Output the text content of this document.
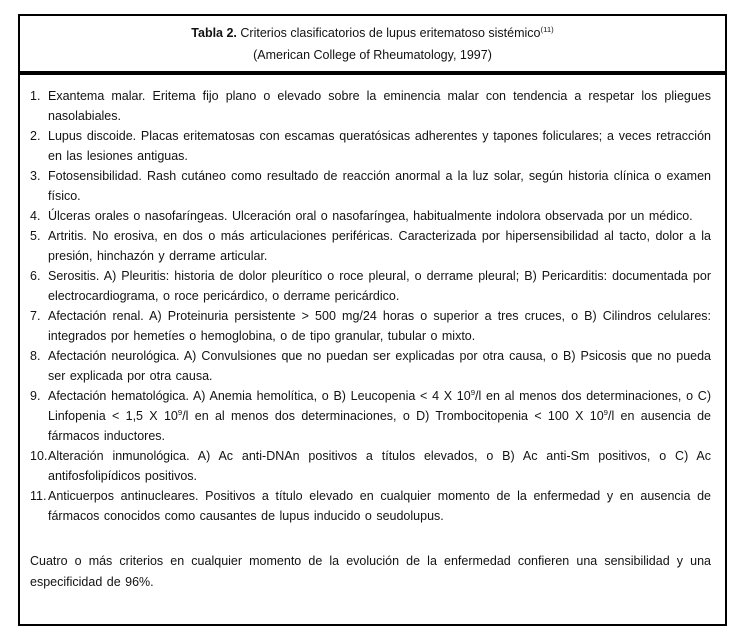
Tabla 2. Criterios clasificatorios de lupus eritematoso sistémico$^{(11)}$
(American College of Rheumatology, 1997)
1. Exantema malar. Eritema fijo plano o elevado sobre la eminencia malar con tendencia a respetar los pliegues nasolabiales.
2. Lupus discoide. Placas eritematosas con escamas queratósicas adherentes y tapones foliculares; a veces retracción en las lesiones antiguas.
3. Fotosensibilidad. Rash cutáneo como resultado de reacción anormal a la luz solar, según historia clínica o examen físico.
4. Úlceras orales o nasofaríngeas. Ulceración oral o nasofaríngea, habitualmente indolora observada por un médico.
5. Artritis. No erosiva, en dos o más articulaciones periféricas. Caracterizada por hipersensibilidad al tacto, dolor a la presión, hinchazón y derrame articular.
6. Serositis. A) Pleuritis: historia de dolor pleurítico o roce pleural, o derrame pleural; B) Pericarditis: documentada por electrocardiograma, o roce pericárdico, o derrame pericárdico.
7. Afectación renal. A) Proteinuria persistente > 500 mg/24 horas o superior a tres cruces, o B) Cilindros celulares: integrados por hemetíes o hemoglobina, o de tipo granular, tubular o mixto.
8. Afectación neurológica. A) Convulsiones que no puedan ser explicadas por otra causa, o B) Psicosis que no pueda ser explicada por otra causa.
9. Afectación hematológica. A) Anemia hemolítica, o B) Leucopenia < 4 X $10^9/l$ en al menos dos determinaciones, o C) Linfopenia < 1,5 X $10^9/l$ en al menos dos determinaciones, o D) Trombocitopenia < 100 X $10^9/l$ en ausencia de fármacos inductores.
10.Alteración inmunológica. A) Ac anti-DNAn positivos a títulos elevados, o B) Ac anti-Sm positivos, o C) Ac antifosfolipídicos positivos.
11. Anticuerpos antinucleares. Positivos a título elevado en cualquier momento de la enfermedad y en ausencia de fármacos conocidos como causantes de lupus inducido o seudolupus.

Cuatro o más criterios en cualquier momento de la evolución de la enfermedad confieren una sensibilidad y una especificidad de 96%.
